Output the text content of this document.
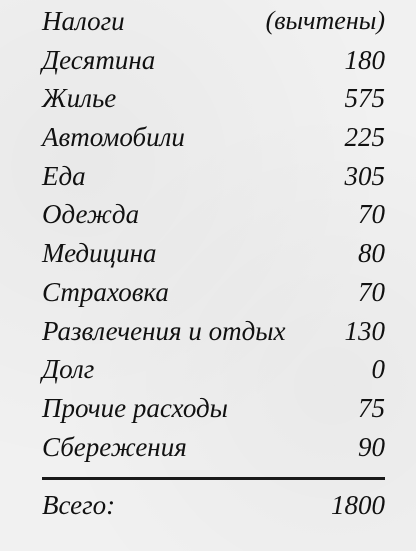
Налоги	(вычтены)
Десятина	180
Жилье	575
Автомобили	225
Еда	305
Одежда	70
Медицина	80
Страховка	70
Развлечения и отдых 130
Долг	0
Прочие расходы	75
Сбережения	90
Всего:	1800
